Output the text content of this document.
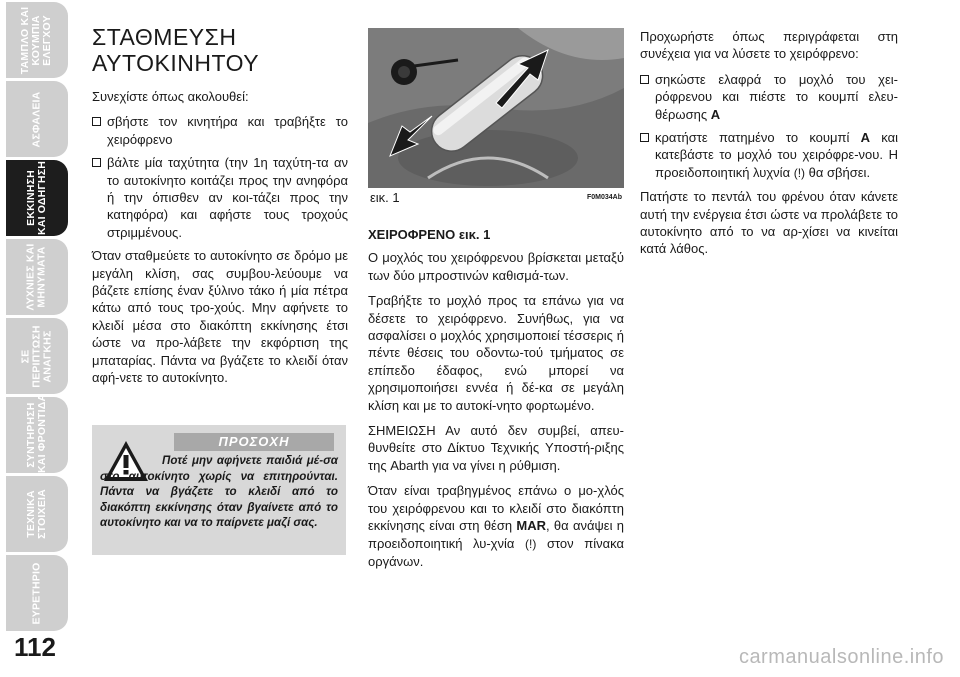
ΤΑΜΠΛΟ ΚΑΙ ΚΟΥΜΠΙΑ ΕΛΕΓΧΟΥ
ΑΣΦΑΛΕΙΑ
ΕΚΚΙΝΗΣΗ ΚΑΙ ΟΔΗΓΗΣΗ
ΛΥΧΝΙΕΣ ΚΑΙ ΜΗΝΥΜΑΤΑ
ΣΕ ΠΕΡΙΠΤΩΣΗ ΑΝΑΓΚΗΣ
ΣΥΝΤΗΡΗΣΗ ΚΑΙ ΦΡΟΝΤΙΔΑ
ΤΕΧΝΙΚΑ ΣΤΟΙΧΕΙΑ
ΕΥΡΕΤΗΡΙΟ
112
ΣΤΑΘΜΕΥΣΗ
ΑΥΤΟΚΙΝΗΤΟΥ

Συνεχίστε όπως ακολουθεί:

σβήστε τον κινητήρα και τραβήξτε το χειρόφρενο
βάλτε μία ταχύτητα (την 1η ταχύτη-τα αν το αυτοκίνητο κοιτάζει προς την ανηφόρα ή την όπισθεν αν κοι-τάζει προς την κατηφόρα) και αφήστε τους τροχούς στριμμένους.

Όταν σταθμεύετε το αυτοκίνητο σε δρόμο με μεγάλη κλίση, σας συμβου-λεύουμε να βάζετε επίσης έναν ξύλινο τάκο ή μία πέτρα κάτω από τους τρο-χούς. Μην αφήνετε το κλειδί μέσα στο διακόπτη εκκίνησης έτσι ώστε να προ-λάβετε την εκφόρτιση της μπαταρίας. Πάντα να βγάζετε το κλειδί όταν αφή-νετε το αυτοκίνητο.

ΠΡΟΣΟΧΗ
Ποτέ μην αφήνετε παιδιά μέ-σα στο αυτοκίνητο χωρίς να επιτηρούνται. Πάντα να βγάζετε το κλειδί από το διακόπτη εκκίνησης όταν βγαίνετε από το αυτοκίνητο και να το παίρνετε μαζί σας.
εικ. 1	F0M034Ab

ΧΕΙΡΟΦΡΕΝΟ εικ. 1

Ο μοχλός του χειρόφρενου βρίσκεται μεταξύ των δύο μπροστινών καθισμά-των.

Τραβήξτε το μοχλό προς τα επάνω για να δέσετε το χειρόφρενο. Συνήθως, για να ασφαλίσει ο μοχλός χρησιμοποιεί τέσσερις ή πέντε θέσεις του οδοντω-τού τμήματος σε επίπεδο έδαφος, ενώ μπορεί να χρησιμοποιήσει εννέα ή δέ-κα σε μεγάλη κλίση και με το αυτοκί-νητο φορτωμένο.

ΣΗΜΕΙΩΣΗ Αν αυτό δεν συμβεί, απευ-θυνθείτε στο Δίκτυο Τεχνικής Υποστή-ριξης της Abarth για να γίνει η ρύθμιση.

Όταν είναι τραβηγμένος επάνω ο μο-χλός του χειρόφρενου και το κλειδί στο διακόπτη εκκίνησης είναι στη θέση MAR, θα ανάψει η προειδοποιητική λυ-χνία (!) στον πίνακα οργάνων.

Προχωρήστε όπως περιγράφεται στη συνέχεια για να λύσετε το χειρόφρενο:

σηκώστε ελαφρά το μοχλό του χει-ρόφρενου και πιέστε το κουμπί ελευ-θέρωσης A
κρατήστε πατημένο το κουμπί A και κατεβάστε το μοχλό του χειρόφρε-νου. Η προειδοποιητική λυχνία (!) θα σβήσει.

Πατήστε το πεντάλ του φρένου όταν κάνετε αυτή την ενέργεια έτσι ώστε να προλάβετε το αυτοκίνητο από το να αρ-χίσει να κινείται κατά λάθος.

carmanualsonline.info
